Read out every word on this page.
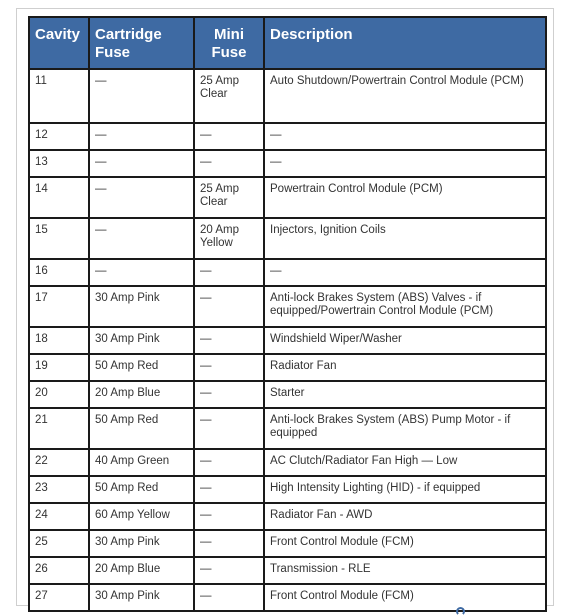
Cavity	Cartridge Fuse	Mini Fuse	Description
11	—	25 Amp Clear	Auto Shutdown/Powertrain Control Module (PCM)
12	—	—	—
13	—	—	—
14	—	25 Amp Clear	Powertrain Control Module (PCM)
15	—	20 Amp Yellow	Injectors, Ignition Coils
16	—	—	—
17	30 Amp Pink	—	Anti-lock Brakes System (ABS) Valves - if equipped/Powertrain Control Module (PCM)
18	30 Amp Pink	—	Windshield Wiper/Washer
19	50 Amp Red	—	Radiator Fan
20	20 Amp Blue	—	Starter
21	50 Amp Red	—	Anti-lock Brakes System (ABS) Pump Motor - if equipped
22	40 Amp Green	—	AC Clutch/Radiator Fan High — Low
23	50 Amp Red	—	High Intensity Lighting (HID) - if equipped
24	60 Amp Yellow	—	Radiator Fan - AWD
25	30 Amp Pink	—	Front Control Module (FCM)
26	20 Amp Blue	—	Transmission - RLE
27	30 Amp Pink	—	Front Control Module (FCM)
